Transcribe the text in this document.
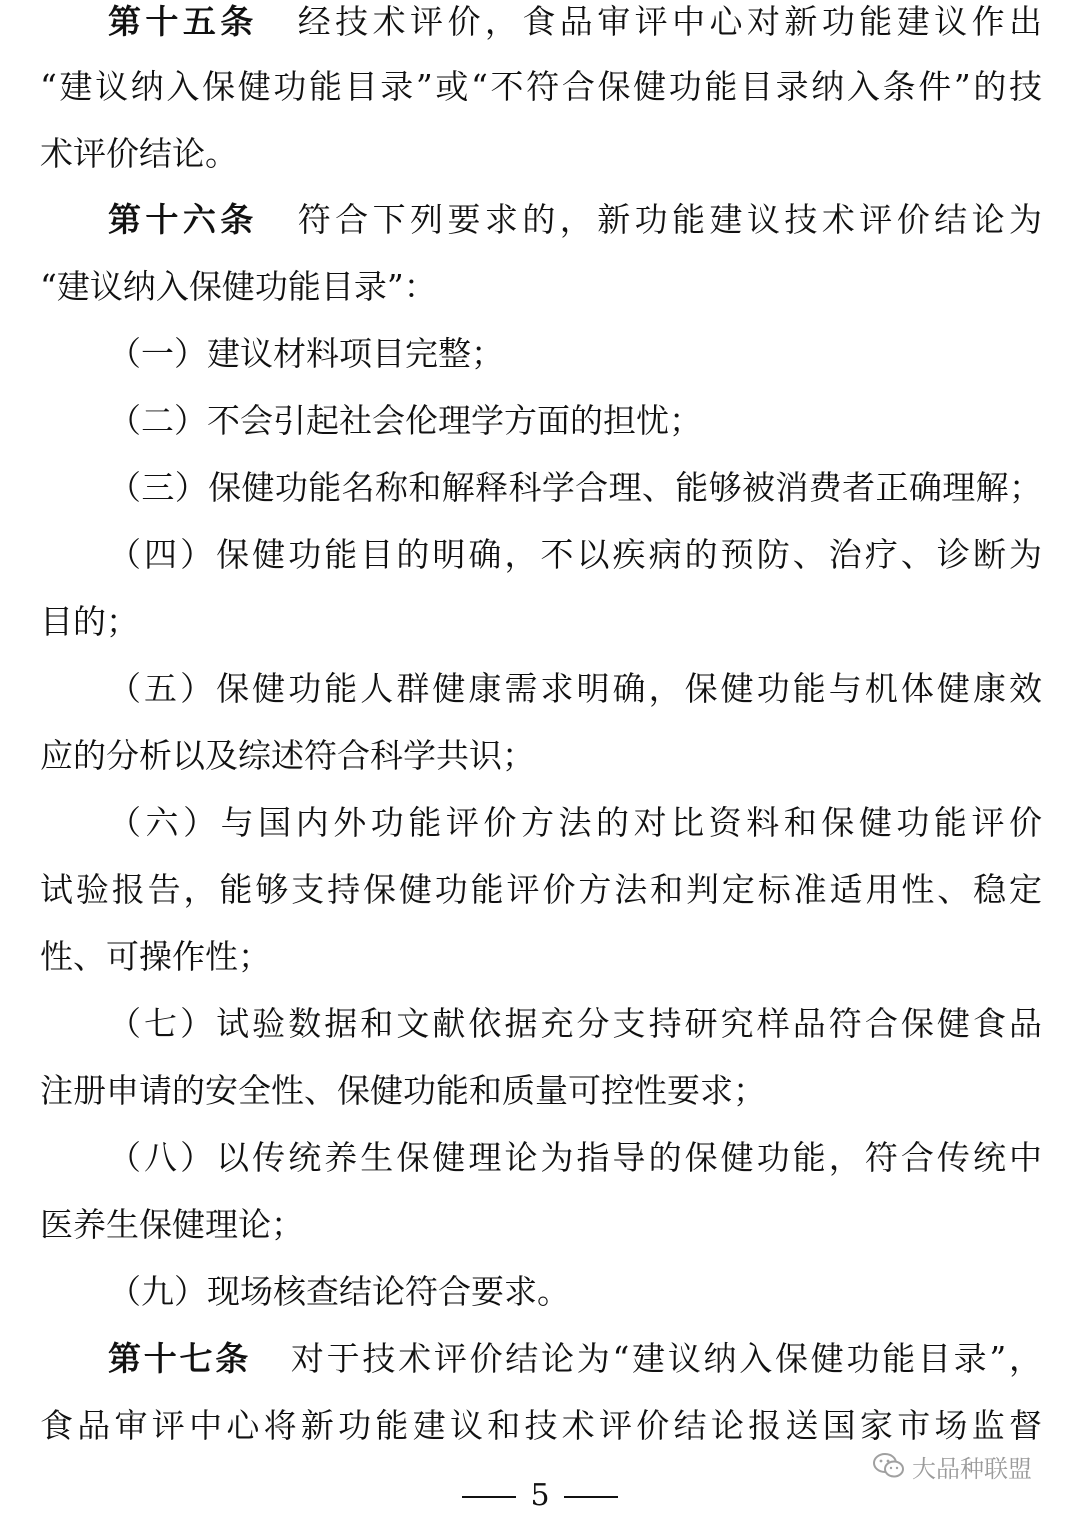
第十五条 经技术评价，食品审评中心对新功能建议作出
“建议纳入保健功能目录”或“不符合保健功能目录纳入条件”的技
术评价结论。
第十六条 符合下列要求的，新功能建议技术评价结论为
“建议纳入保健功能目录”：
（一）建议材料项目完整；
（二）不会引起社会伦理学方面的担忧；
（三）保健功能名称和解释科学合理、能够被消费者正确理解；
（四）保健功能目的明确，不以疾病的预防、治疗、诊断为
目的；
（五）保健功能人群健康需求明确，保健功能与机体健康效
应的分析以及综述符合科学共识；
（六）与国内外功能评价方法的对比资料和保健功能评价
试验报告，能够支持保健功能评价方法和判定标准适用性、稳定
性、可操作性；
（七）试验数据和文献依据充分支持研究样品符合保健食品
注册申请的安全性、保健功能和质量可控性要求；
（八）以传统养生保健理论为指导的保健功能，符合传统中
医养生保健理论；
（九）现场核查结论符合要求。
第十七条 对于技术评价结论为“建议纳入保健功能目录”，
食品审评中心将新功能建议和技术评价结论报送国家市场监督
大品种联盟
5
